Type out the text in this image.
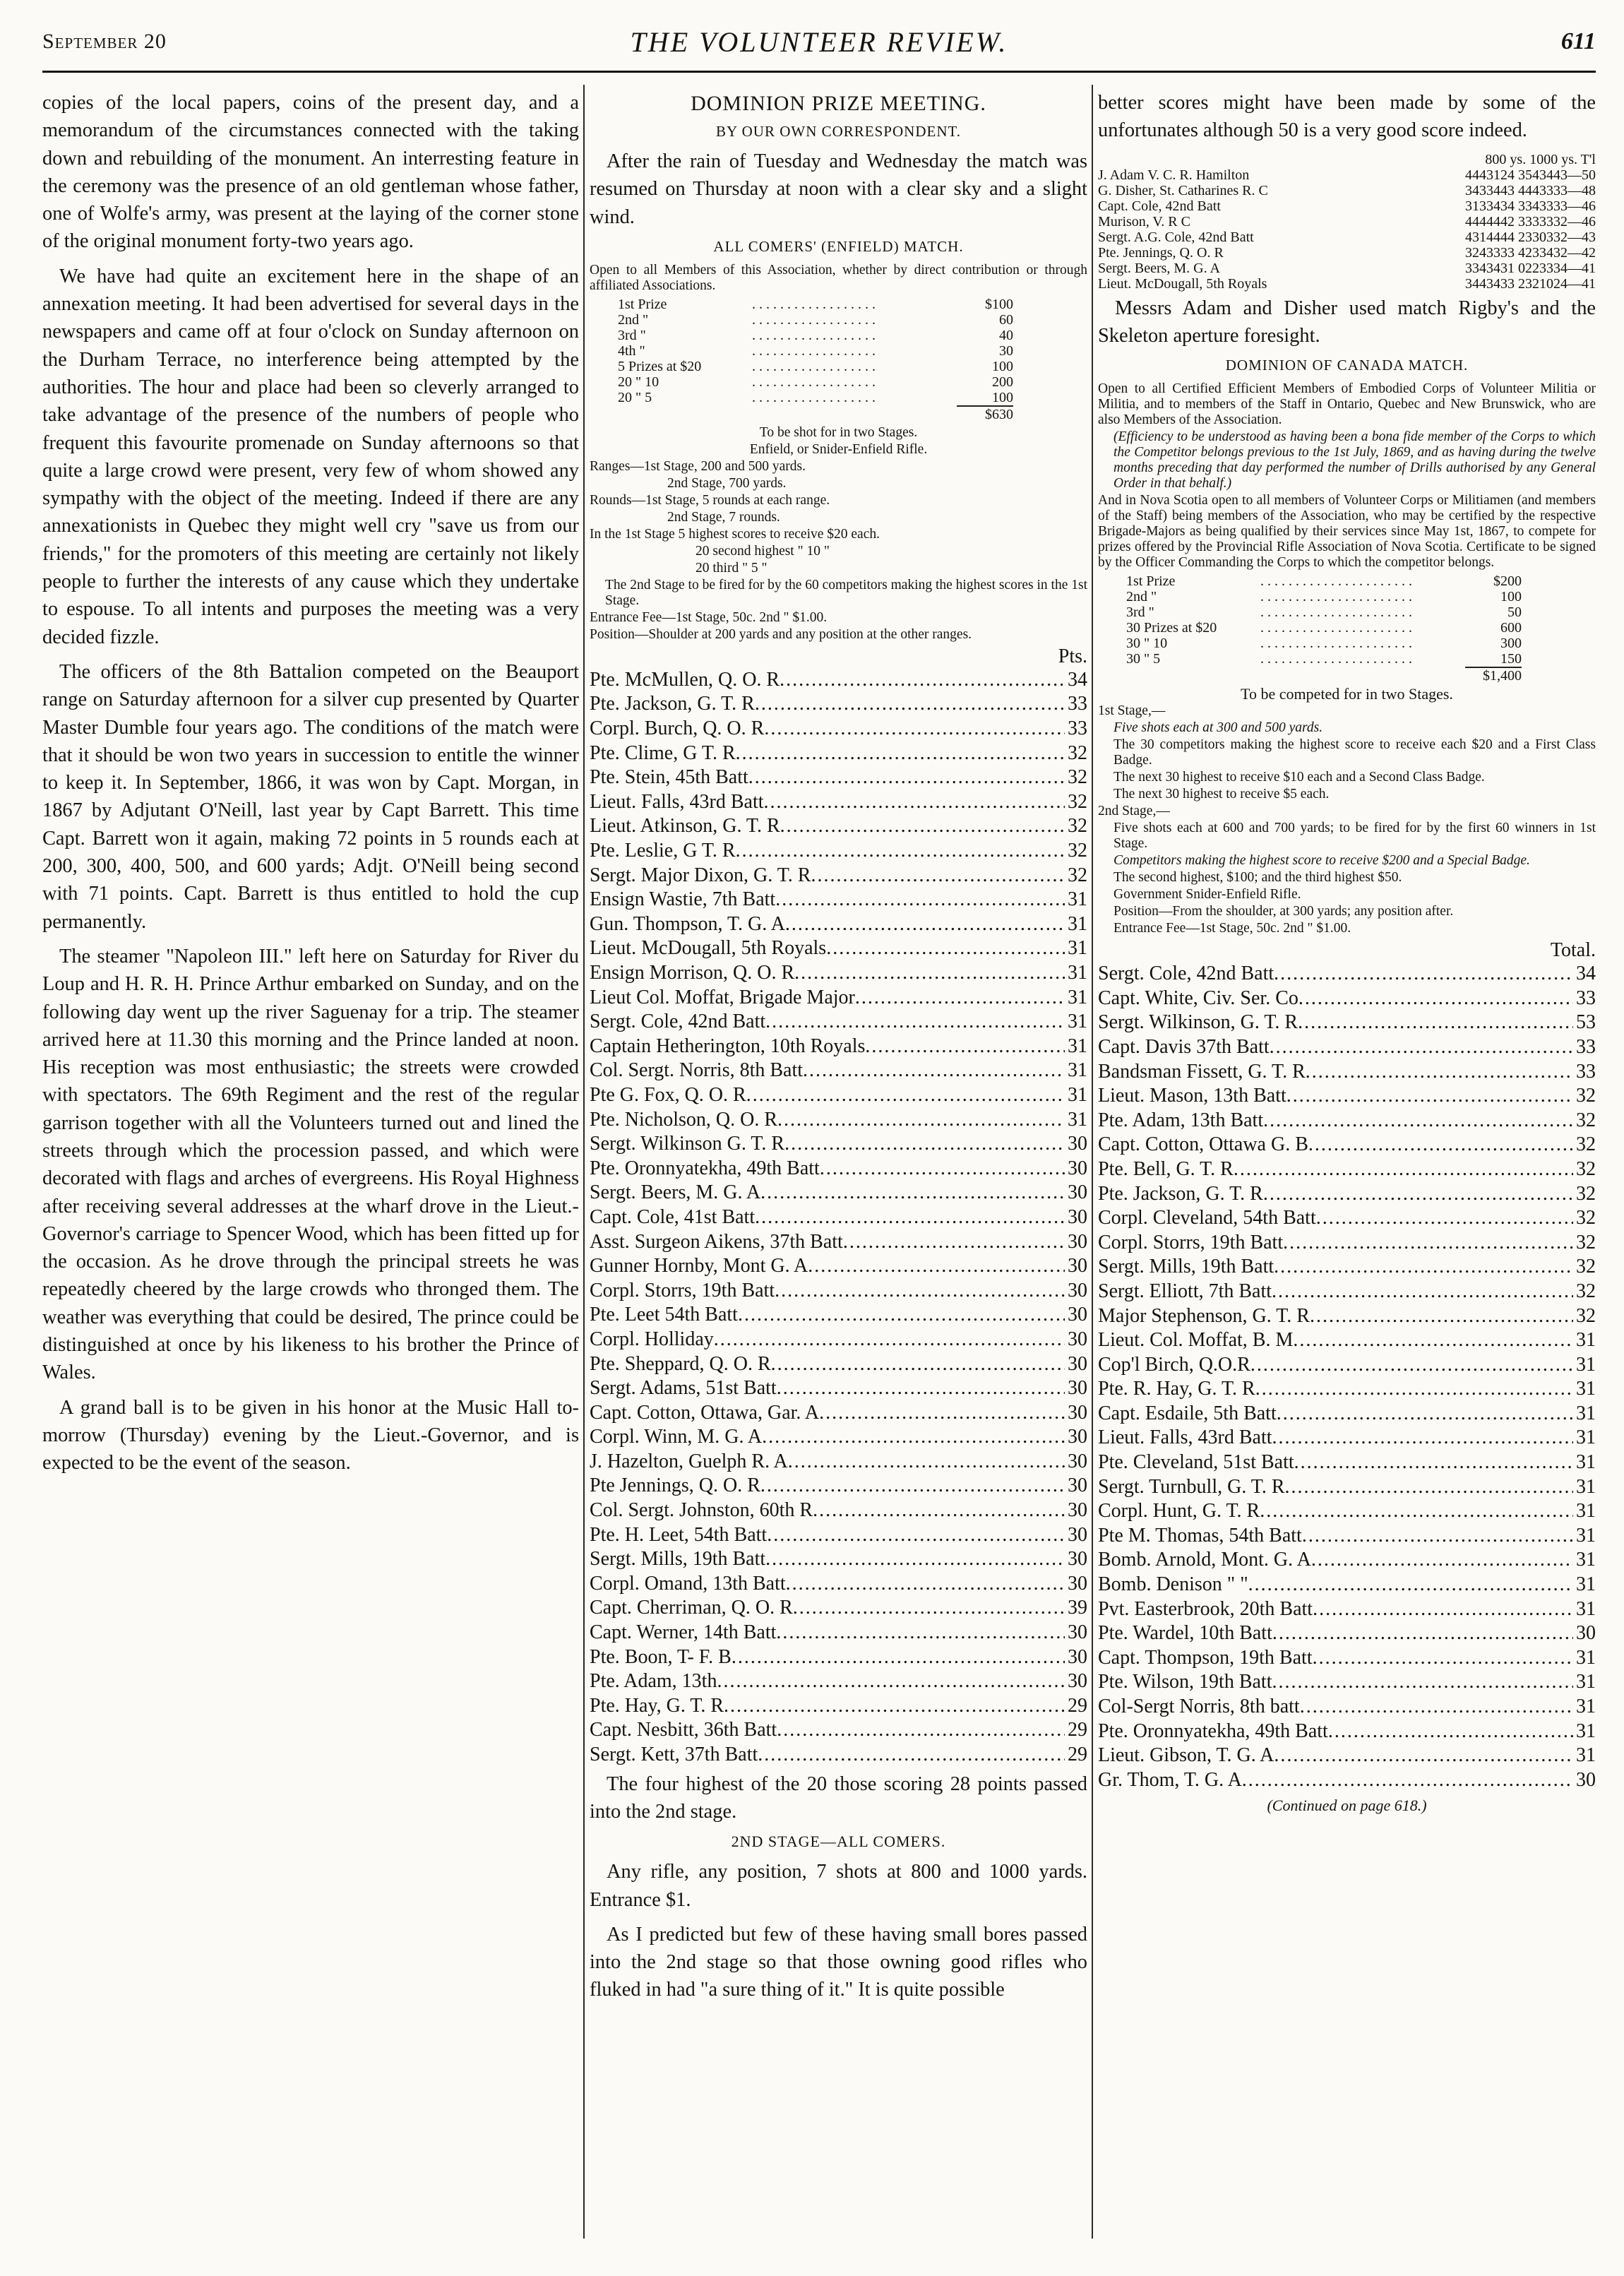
September 20	THE VOLUNTEER REVIEW.	611

copies of the local papers, coins of the present day, and a memorandum of the circumstances connected with the taking down and rebuilding of the monument. An interresting feature in the ceremony was the presence of an old gentleman whose father, one of Wolfe's army, was present at the laying of the corner stone of the original monument forty-two years ago.

We have had quite an excitement here in the shape of an annexation meeting. It had been advertised for several days in the newspapers and came off at four o'clock on Sunday afternoon on the Durham Terrace, no interference being attempted by the authorities. The hour and place had been so cleverly arranged to take advantage of the presence of the numbers of people who frequent this favourite promenade on Sunday afternoons so that quite a large crowd were present, very few of whom showed any sympathy with the object of the meeting. Indeed if there are any annexationists in Quebec they might well cry "save us from our friends," for the promoters of this meeting are certainly not likely people to further the interests of any cause which they undertake to espouse. To all intents and purposes the meeting was a very decided fizzle.

The officers of the 8th Battalion competed on the Beauport range on Saturday afternoon for a silver cup presented by Quarter Master Dumble four years ago. The conditions of the match were that it should be won two years in succession to entitle the winner to keep it. In September, 1866, it was won by Capt. Morgan, in 1867 by Adjutant O'Neill, last year by Capt Barrett. This time Capt. Barrett won it again, making 72 points in 5 rounds each at 200, 300, 400, 500, and 600 yards; Adjt. O'Neill being second with 71 points. Capt. Barrett is thus entitled to hold the cup permanently.

The steamer "Napoleon III." left here on Saturday for River du Loup and H. R. H. Prince Arthur embarked on Sunday, and on the following day went up the river Saguenay for a trip. The steamer arrived here at 11.30 this morning and the Prince landed at noon. His reception was most enthusiastic; the streets were crowded with spectators. The 69th Regiment and the rest of the regular garrison together with all the Volunteers turned out and lined the streets through which the procession passed, and which were decorated with flags and arches of evergreens. His Royal Highness after receiving several addresses at the wharf drove in the Lieut.-Governor's carriage to Spencer Wood, which has been fitted up for the occasion. As he drove through the principal streets he was repeatedly cheered by the large crowds who thronged them. The weather was everything that could be desired, The prince could be distinguished at once by his likeness to his brother the Prince of Wales.

A grand ball is to be given in his honor at the Music Hall to-morrow (Thursday) evening by the Lieut.-Governor, and is expected to be the event of the season.

DOMINION PRIZE MEETING.
BY OUR OWN CORRESPONDENT.

After the rain of Tuesday and Wednesday the match was resumed on Thursday at noon with a clear sky and a slight wind.

ALL COMERS' (ENFIELD) MATCH.
Open to all Members of this Association, whether by direct contribution or through affiliated Associations.
1st Prize	. . . . . . . . . . . . . . . . . .	$100
2nd "	. . . . . . . . . . . . . . . . . .	60
3rd "	. . . . . . . . . . . . . . . . . .	40
4th "	. . . . . . . . . . . . . . . . . .	30
5 Prizes at $20	. . . . . . . . . . . . . . . . . .	100
20 " 10	. . . . . . . . . . . . . . . . . .	200
20 " 5	. . . . . . . . . . . . . . . . . .	100
$630
To be shot for in two Stages.
Enfield, or Snider-Enfield Rifle.
Ranges—1st Stage, 200 and 500 yards.
2nd Stage, 700 yards.
Rounds—1st Stage, 5 rounds at each range.
2nd Stage, 7 rounds.
In the 1st Stage 5 highest scores to receive $20 each.
20 second highest " 10 "
20 third " 5 "
The 2nd Stage to be fired for by the 60 competitors making the highest scores in the 1st Stage.
Entrance Fee—1st Stage, 50c. 2nd " $1.00.
Position—Shoulder at 200 yards and any position at the other ranges.
Pts.
Pte. McMullen, Q. O. R .....	34
Pte. Jackson, G. T. R .....	33
Corpl. Burch, Q. O. R .....	33
Pte. Clime, G T. R .....	32
Pte. Stein, 45th Batt .....	32
Lieut. Falls, 43rd Batt .....	32
Lieut. Atkinson, G. T. R .....	32
Pte. Leslie, G T. R .....	32
Sergt. Major Dixon, G. T. R .....	32
Ensign Wastie, 7th Batt .....	31
Gun. Thompson, T. G. A .....	31
Lieut. McDougall, 5th Royals .....	31
Ensign Morrison, Q. O. R .....	31
Lieut Col. Moffat, Brigade Major .....	31
Sergt. Cole, 42nd Batt .....	31
Captain Hetherington, 10th Royals .....	31
Col. Sergt. Norris, 8th Batt .....	31
Pte G. Fox, Q. O. R .....	31
Pte. Nicholson, Q. O. R .....	31
Sergt. Wilkinson G. T. R .....	30
Pte. Oronnyatekha, 49th Batt .....	30
Sergt. Beers, M. G. A .....	30
Capt. Cole, 41st Batt .....	30
Asst. Surgeon Aikens, 37th Batt .....	30
Gunner Hornby, Mont G. A .....	30
Corpl. Storrs, 19th Batt .....	30
Pte. Leet 54th Batt .....	30
Corpl. Holliday .....	30
Pte. Sheppard, Q. O. R .....	30
Sergt. Adams, 51st Batt .....	30
Capt. Cotton, Ottawa, Gar. A .....	30
Corpl. Winn, M. G. A .....	30
J. Hazelton, Guelph R. A .....	30
Pte Jennings, Q. O. R .....	30
Col. Sergt. Johnston, 60th R .....	30
Pte. H. Leet, 54th Batt .....	30
Sergt. Mills, 19th Batt .....	30
Corpl. Omand, 13th Batt .....	30
Capt. Cherriman, Q. O. R .....	39
Capt. Werner, 14th Batt .....	30
Pte. Boon, T- F. B .....	30
Pte. Adam, 13th .....	30
Pte. Hay, G. T. R .....	29
Capt. Nesbitt, 36th Batt .....	29
Sergt. Kett, 37th Batt .....	29

The four highest of the 20 those scoring 28 points passed into the 2nd stage.

2ND STAGE—ALL COMERS.

Any rifle, any position, 7 shots at 800 and 1000 yards. Entrance $1.

As I predicted but few of these having small bores passed into the 2nd stage so that those owning good rifles who fluked in had "a sure thing of it." It is quite possible

better scores might have been made by some of the unfortunates although 50 is a very good score indeed.

800 ys. 1000 ys. T'l
J. Adam V. C. R. Hamilton	4443124 3543443—50
G. Disher, St. Catharines R. C	3433443 4443333—48
Capt. Cole, 42nd Batt	3133434 3343333—46
Murison, V. R C	4444442 3333332—46
Sergt. A.G. Cole, 42nd Batt	4314444 2330332—43
Pte. Jennings, Q. O. R	3243333 4233432—42
Sergt. Beers, M. G. A	3343431 0223334—41
Lieut. McDougall, 5th Royals	3443433 2321024—41

Messrs Adam and Disher used match Rigby's and the Skeleton aperture foresight.

DOMINION OF CANADA MATCH.
Open to all Certified Efficient Members of Embodied Corps of Volunteer Militia or Militia, and to members of the Staff in Ontario, Quebec and New Brunswick, who are also Members of the Association.
(Efficiency to be understood as having been a bona fide member of the Corps to which the Competitor belongs previous to the 1st July, 1869, and as having during the twelve months preceding that day performed the number of Drills authorised by any General Order in that behalf.)
And in Nova Scotia open to all members of Volunteer Corps or Militiamen (and members of the Staff) being members of the Association, who may be certified by the respective Brigade-Majors as being qualified by their services since May 1st, 1867, to compete for prizes offered by the Provincial Rifle Association of Nova Scotia. Certificate to be signed by the Officer Commanding the Corps to which the competitor belongs.
1st Prize	. . . . . . . . . . . . . . . . . . . . . .	$200
2nd "	. . . . . . . . . . . . . . . . . . . . . .	100
3rd "	. . . . . . . . . . . . . . . . . . . . . .	50
30 Prizes at $20	. . . . . . . . . . . . . . . . . . . . . .	600
30 " 10	. . . . . . . . . . . . . . . . . . . . . .	300
30 " 5	. . . . . . . . . . . . . . . . . . . . . .	150
$1,400
To be competed for in two Stages.
1st Stage,—
Five shots each at 300 and 500 yards.
The 30 competitors making the highest score to receive each $20 and a First Class Badge.
The next 30 highest to receive $10 each and a Second Class Badge.
The next 30 highest to receive $5 each.
2nd Stage,—
Five shots each at 600 and 700 yards; to be fired for by the first 60 winners in 1st Stage.
Competitors making the highest score to receive $200 and a Special Badge.
The second highest, $100; and the third highest $50.
Government Snider-Enfield Rifle.
Position—From the shoulder, at 300 yards; any position after.
Entrance Fee—1st Stage, 50c. 2nd " $1.00.
Total.
Sergt. Cole, 42nd Batt .....	34
Capt. White, Civ. Ser. Co .....	33
Sergt. Wilkinson, G. T. R .....	53
Capt. Davis 37th Batt .....	33
Bandsman Fissett, G. T. R .....	33
Lieut. Mason, 13th Batt .....	32
Pte. Adam, 13th Batt .....	32
Capt. Cotton, Ottawa G. B .....	32
Pte. Bell, G. T. R .....	32
Pte. Jackson, G. T. R .....	32
Corpl. Cleveland, 54th Batt .....	32
Corpl. Storrs, 19th Batt .....	32
Sergt. Mills, 19th Batt .....	32
Sergt. Elliott, 7th Batt .....	32
Major Stephenson, G. T. R .....	32
Lieut. Col. Moffat, B. M .....	31
Cop'l Birch, Q.O.R .....	31
Pte. R. Hay, G. T. R .....	31
Capt. Esdaile, 5th Batt .....	31
Lieut. Falls, 43rd Batt .....	31
Pte. Cleveland, 51st Batt .....	31
Sergt. Turnbull, G. T. R .....	31
Corpl. Hunt, G. T. R .....	31
Pte M. Thomas, 54th Batt .....	31
Bomb. Arnold, Mont. G. A .....	31
Bomb. Denison " " .....	31
Pvt. Easterbrook, 20th Batt .....	31
Pte. Wardel, 10th Batt .....	30
Capt. Thompson, 19th Batt .....	31
Pte. Wilson, 19th Batt .....	31
Col-Sergt Norris, 8th batt .....	31
Pte. Oronnyatekha, 49th Batt .....	31
Lieut. Gibson, T. G. A .....	31
Gr. Thom, T. G. A .....	30
(Continued on page 618.)
